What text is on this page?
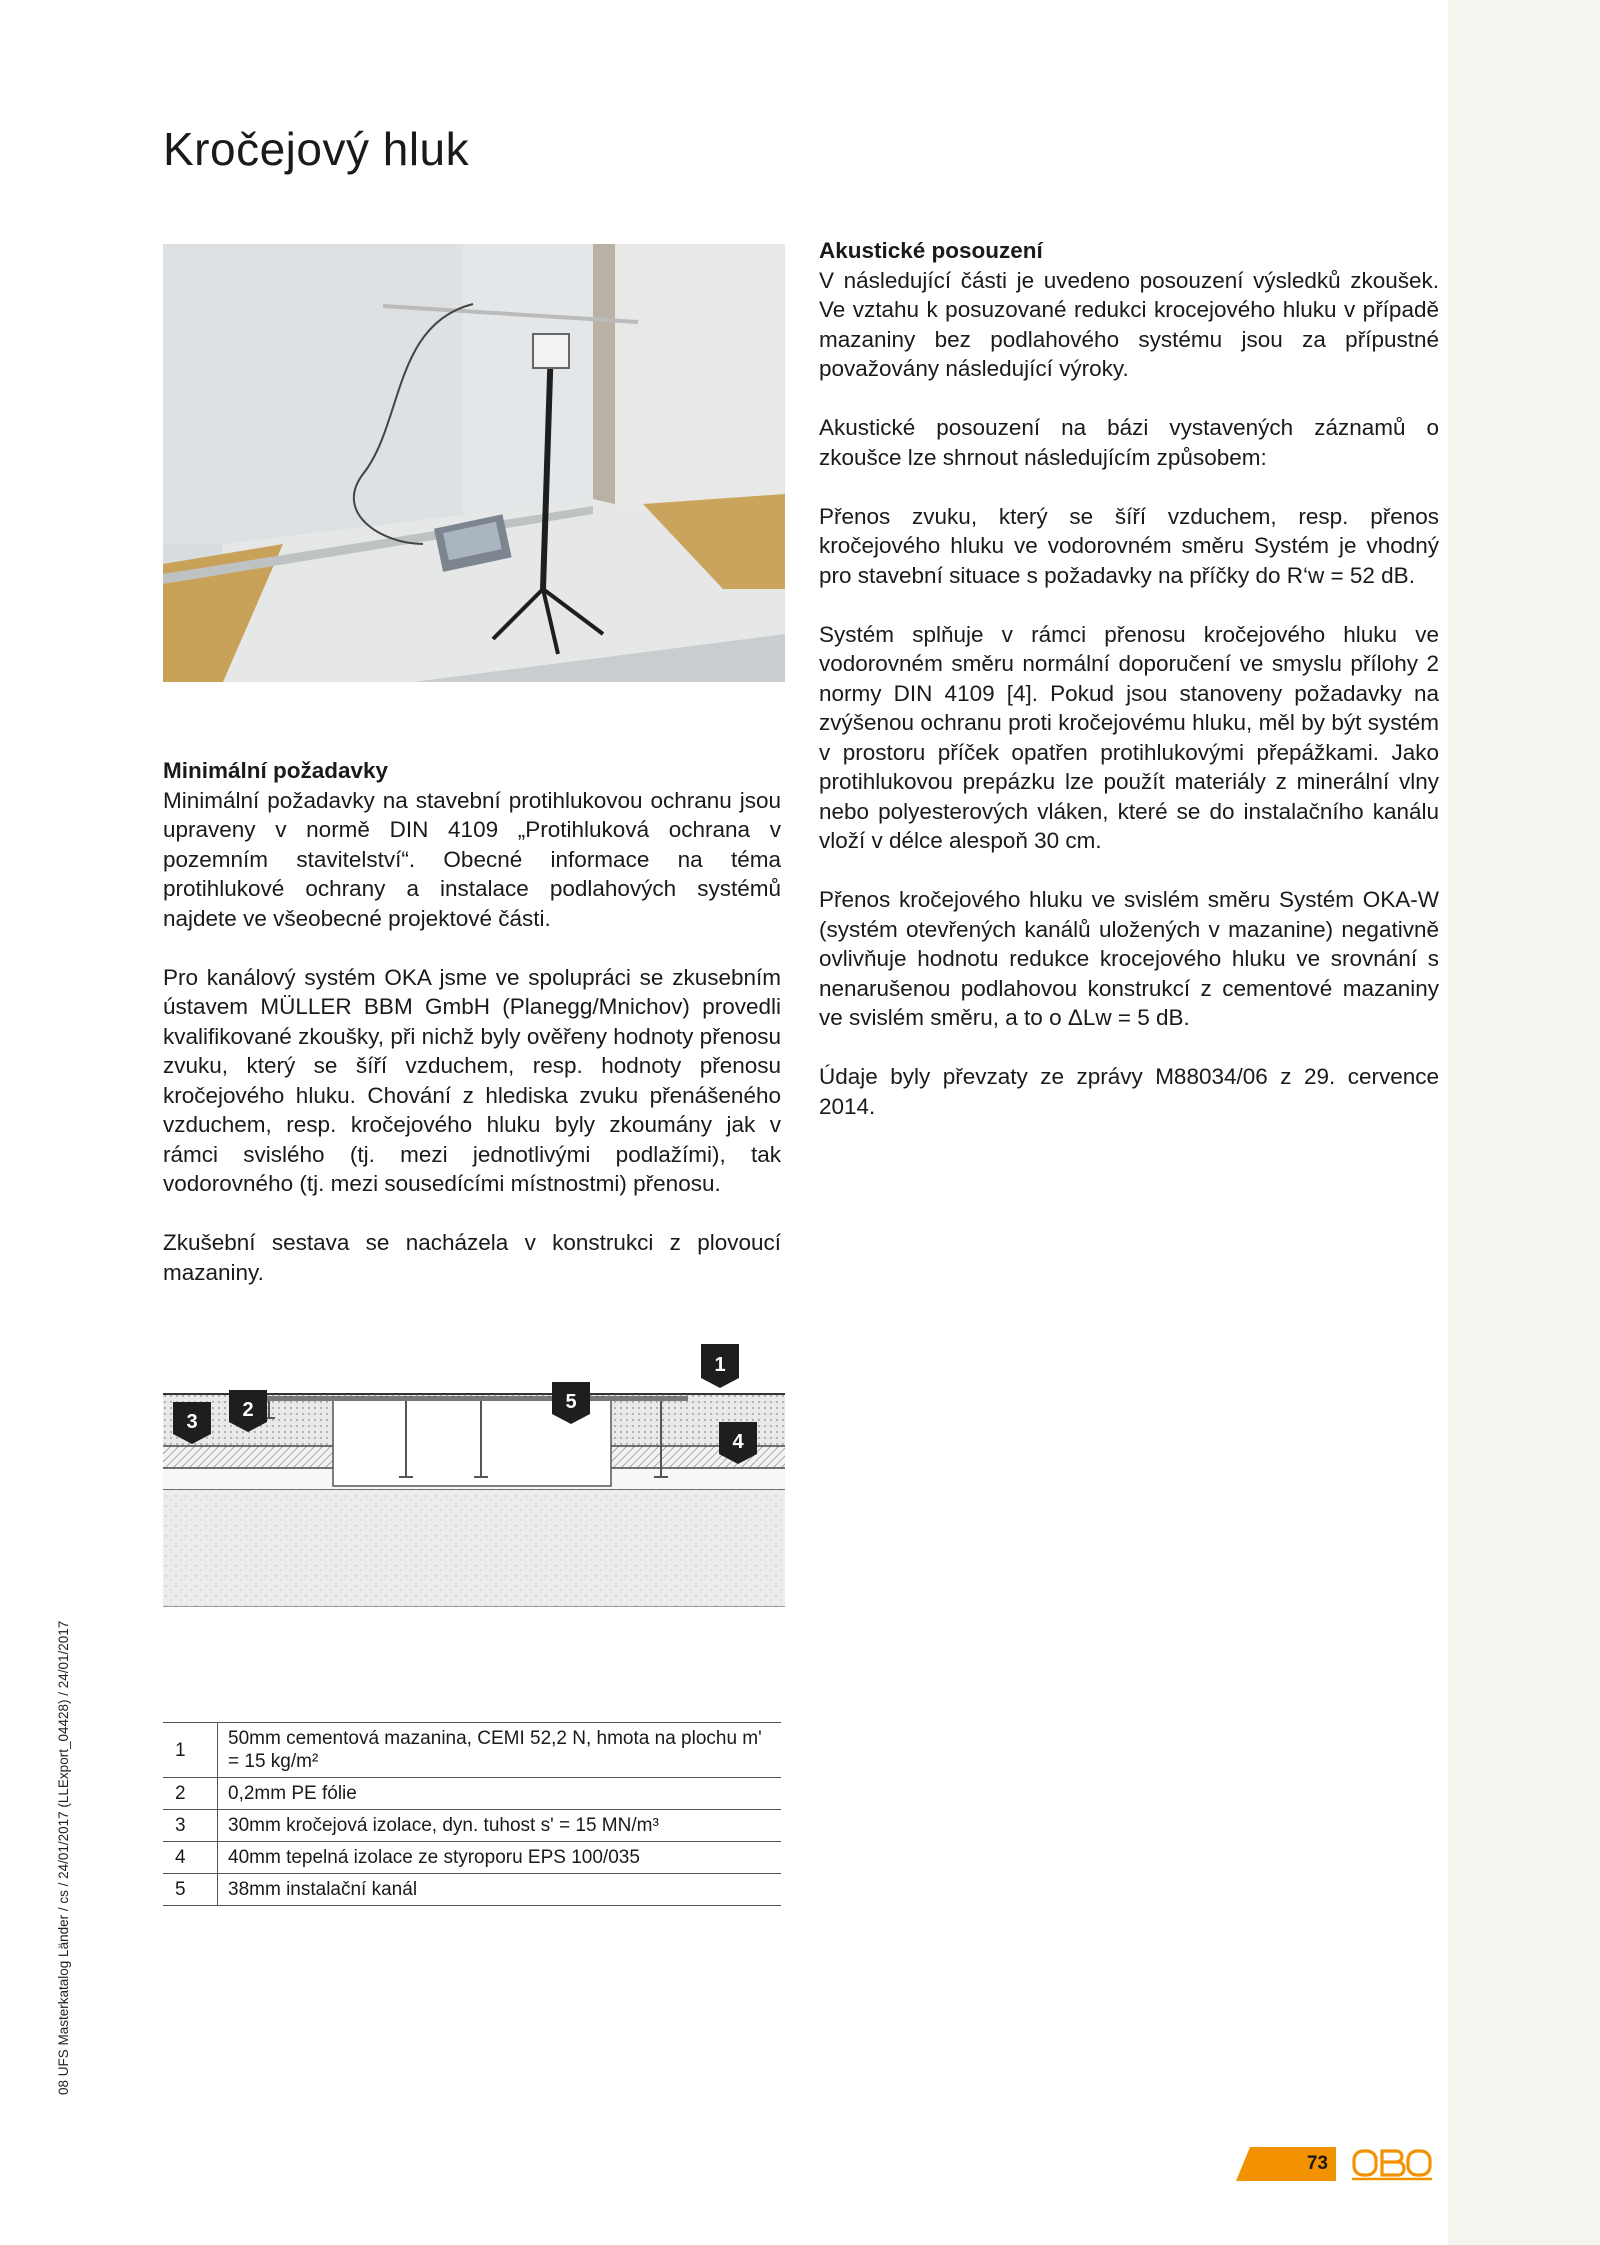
Kročejový hluk
Minimální požadavky

Minimální požadavky na stavební protihlukovou ochranu jsou upraveny v normě DIN 4109 „Protihluková ochrana v pozemním stavitelství“. Obecné informace na téma protihlukové ochrany a instalace podlahových systémů najdete ve všeobecné projektové části.

Pro kanálový systém OKA jsme ve spolupráci se zkusebním ústavem MÜLLER BBM GmbH (Planegg/Mnichov) provedli kvalifikované zkoušky, při nichž byly ověřeny hodnoty přenosu zvuku, který se šíří vzduchem, resp. hodnoty přenosu kročejového hluku. Chování z hlediska zvuku přenášeného vzduchem, resp. kročejového hluku byly zkoumány jak v rámci svislého (tj. mezi jednotlivými podlažími), tak vodorovného (tj. mezi sousedícími místnostmi) přenosu.

Zkušební sestava se nacházela v konstrukci z plovoucí mazaniny.

Akustické posouzení

V následující části je uvedeno posouzení výsledků zkoušek. Ve vztahu k posuzované redukci krocejového hluku v případě mazaniny bez podlahového systému jsou za přípustné považovány následující výroky.

Akustické posouzení na bázi vystavených záznamů o zkoušce lze shrnout následujícím způsobem:

Přenos zvuku, který se šíří vzduchem, resp. přenos kročejového hluku ve vodorovném směru Systém je vhodný pro stavební situace s požadavky na příčky do R‘w = 52 dB.

Systém splňuje v rámci přenosu kročejového hluku ve vodorovném směru normální doporučení ve smyslu přílohy 2 normy DIN 4109 [4]. Pokud jsou stanoveny požadavky na zvýšenou ochranu proti kročejovému hluku, měl by být systém v prostoru příček opatřen protihlukovými přepážkami. Jako protihlukovou prepázku lze použít materiály z minerální vlny nebo polyesterových vláken, které se do instalačního kanálu vloží v délce alespoň 30 cm.

Přenos kročejového hluku ve svislém směru Systém OKA-W (systém otevřených kanálů uložených v mazanine) negativně ovlivňuje hodnotu redukce krocejového hluku ve srovnání s nenarušenou podlahovou konstrukcí z cementové mazaniny ve svislém směru, a to o ΔLw = 5 dB.

Údaje byly převzaty ze zprávy M88034/06 z 29. cervence 2014.

3
2	5
4
1
1	50mm cementová mazanina, CEMI 52,2 N, hmota na plochu m' = 15 kg/m²
2	0,2mm PE fólie
3	30mm kročejová izolace, dyn. tuhost s' = 15 MN/m³
4	40mm tepelná izolace ze styroporu EPS 100/035
5	38mm instalační kanál
08 UFS Masterkatalog Länder / cs / 24/01/2017 (LLExport_04428) / 24/01/2017
73
